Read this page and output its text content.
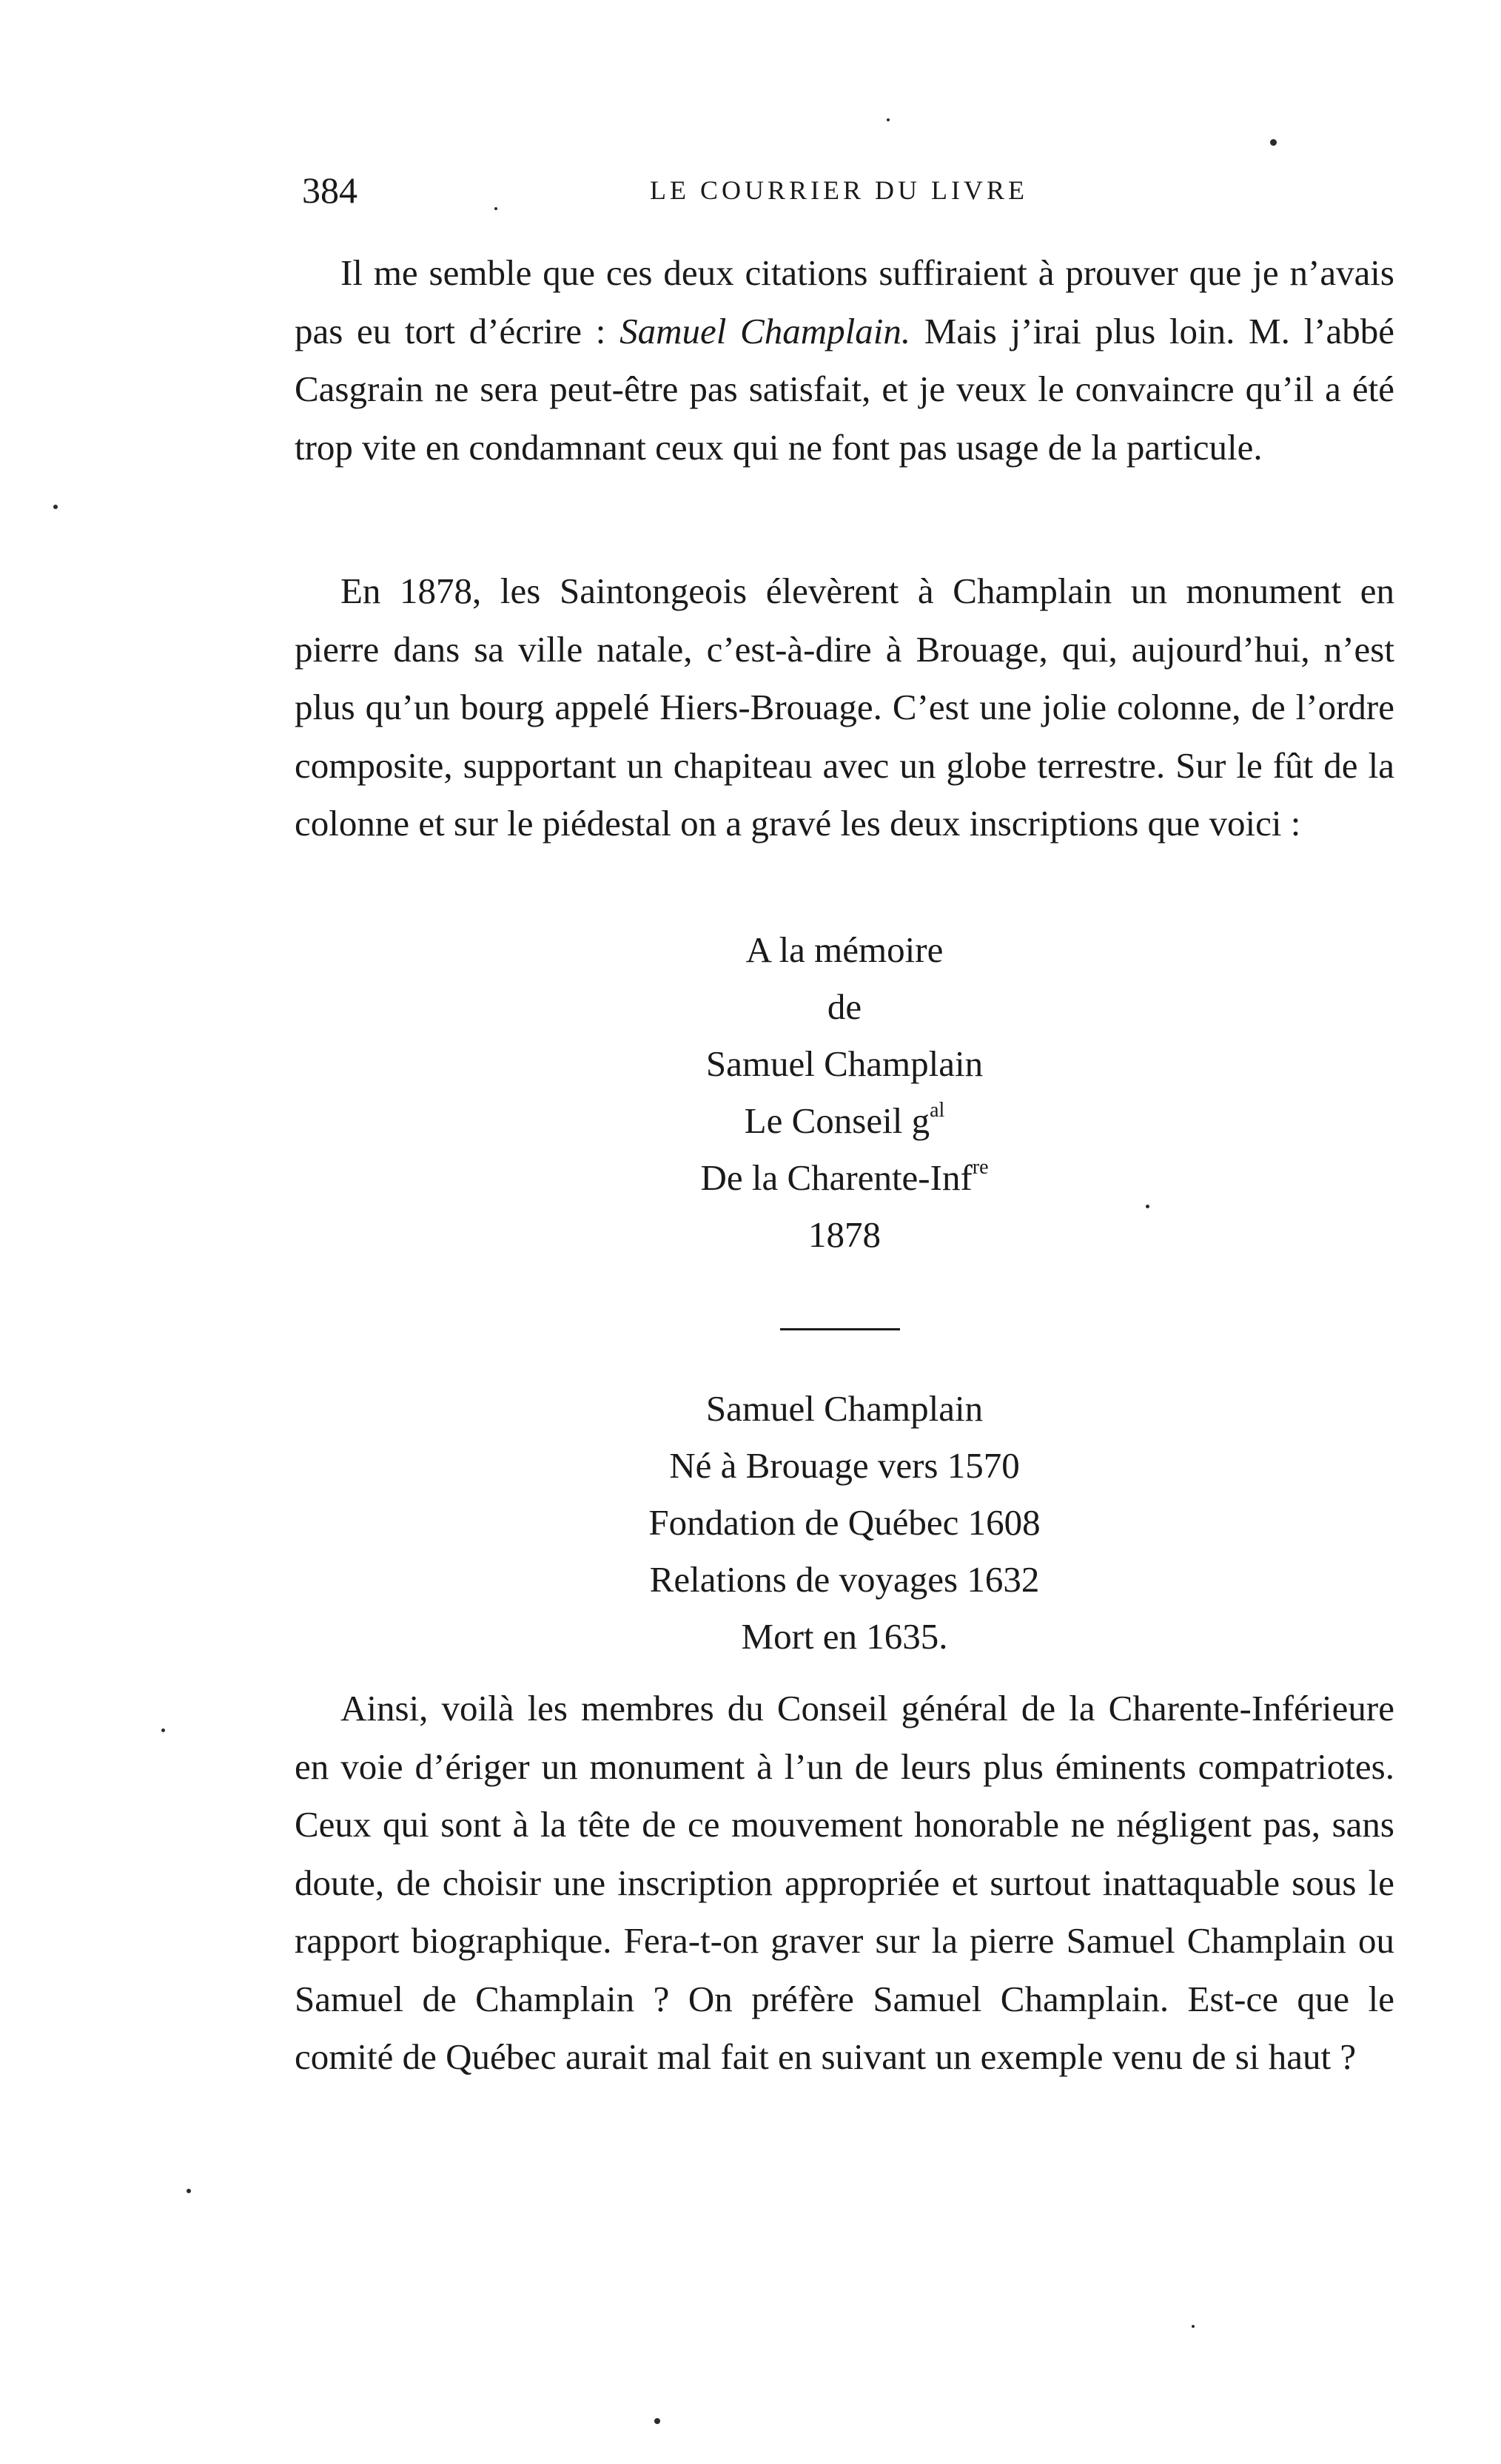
384	LE COURRIER DU LIVRE

Il me semble que ces deux citations suffiraient à prouver que je n’avais pas eu tort d’écrire : Samuel Champlain. Mais j’irai plus loin. M. l’abbé Casgrain ne sera peut-être pas satisfait, et je veux le convaincre qu’il a été trop vite en condamnant ceux qui ne font pas usage de la particule.

En 1878, les Saintongeois élevèrent à Champlain un monument en pierre dans sa ville natale, c’est-à-dire à Brouage, qui, aujourd’hui, n’est plus qu’un bourg appelé Hiers-Brouage. C’est une jolie colonne, de l’ordre composite, supportant un chapiteau avec un globe terrestre. Sur le fût de la colonne et sur le piédestal on a gravé les deux inscriptions que voici :

A la mémoire
de
Samuel Champlain
Le Conseil $g^{al}$
De la Charente-Inf$^{re}$
1878
Samuel Champlain
Né à Brouage vers 1570
Fondation de Québec 1608
Relations de voyages 1632
Mort en 1635.

Ainsi, voilà les membres du Conseil général de la Charente-Inférieure en voie d’ériger un monument à l’un de leurs plus éminents compatriotes. Ceux qui sont à la tête de ce mouvement honorable ne négligent pas, sans doute, de choisir une inscription appropriée et surtout inattaquable sous le rapport biographique. Fera-t-on graver sur la pierre Samuel Champlain ou Samuel de Champlain ? On préfère Samuel Champlain. Est-ce que le comité de Québec aurait mal fait en suivant un exemple venu de si haut ?
